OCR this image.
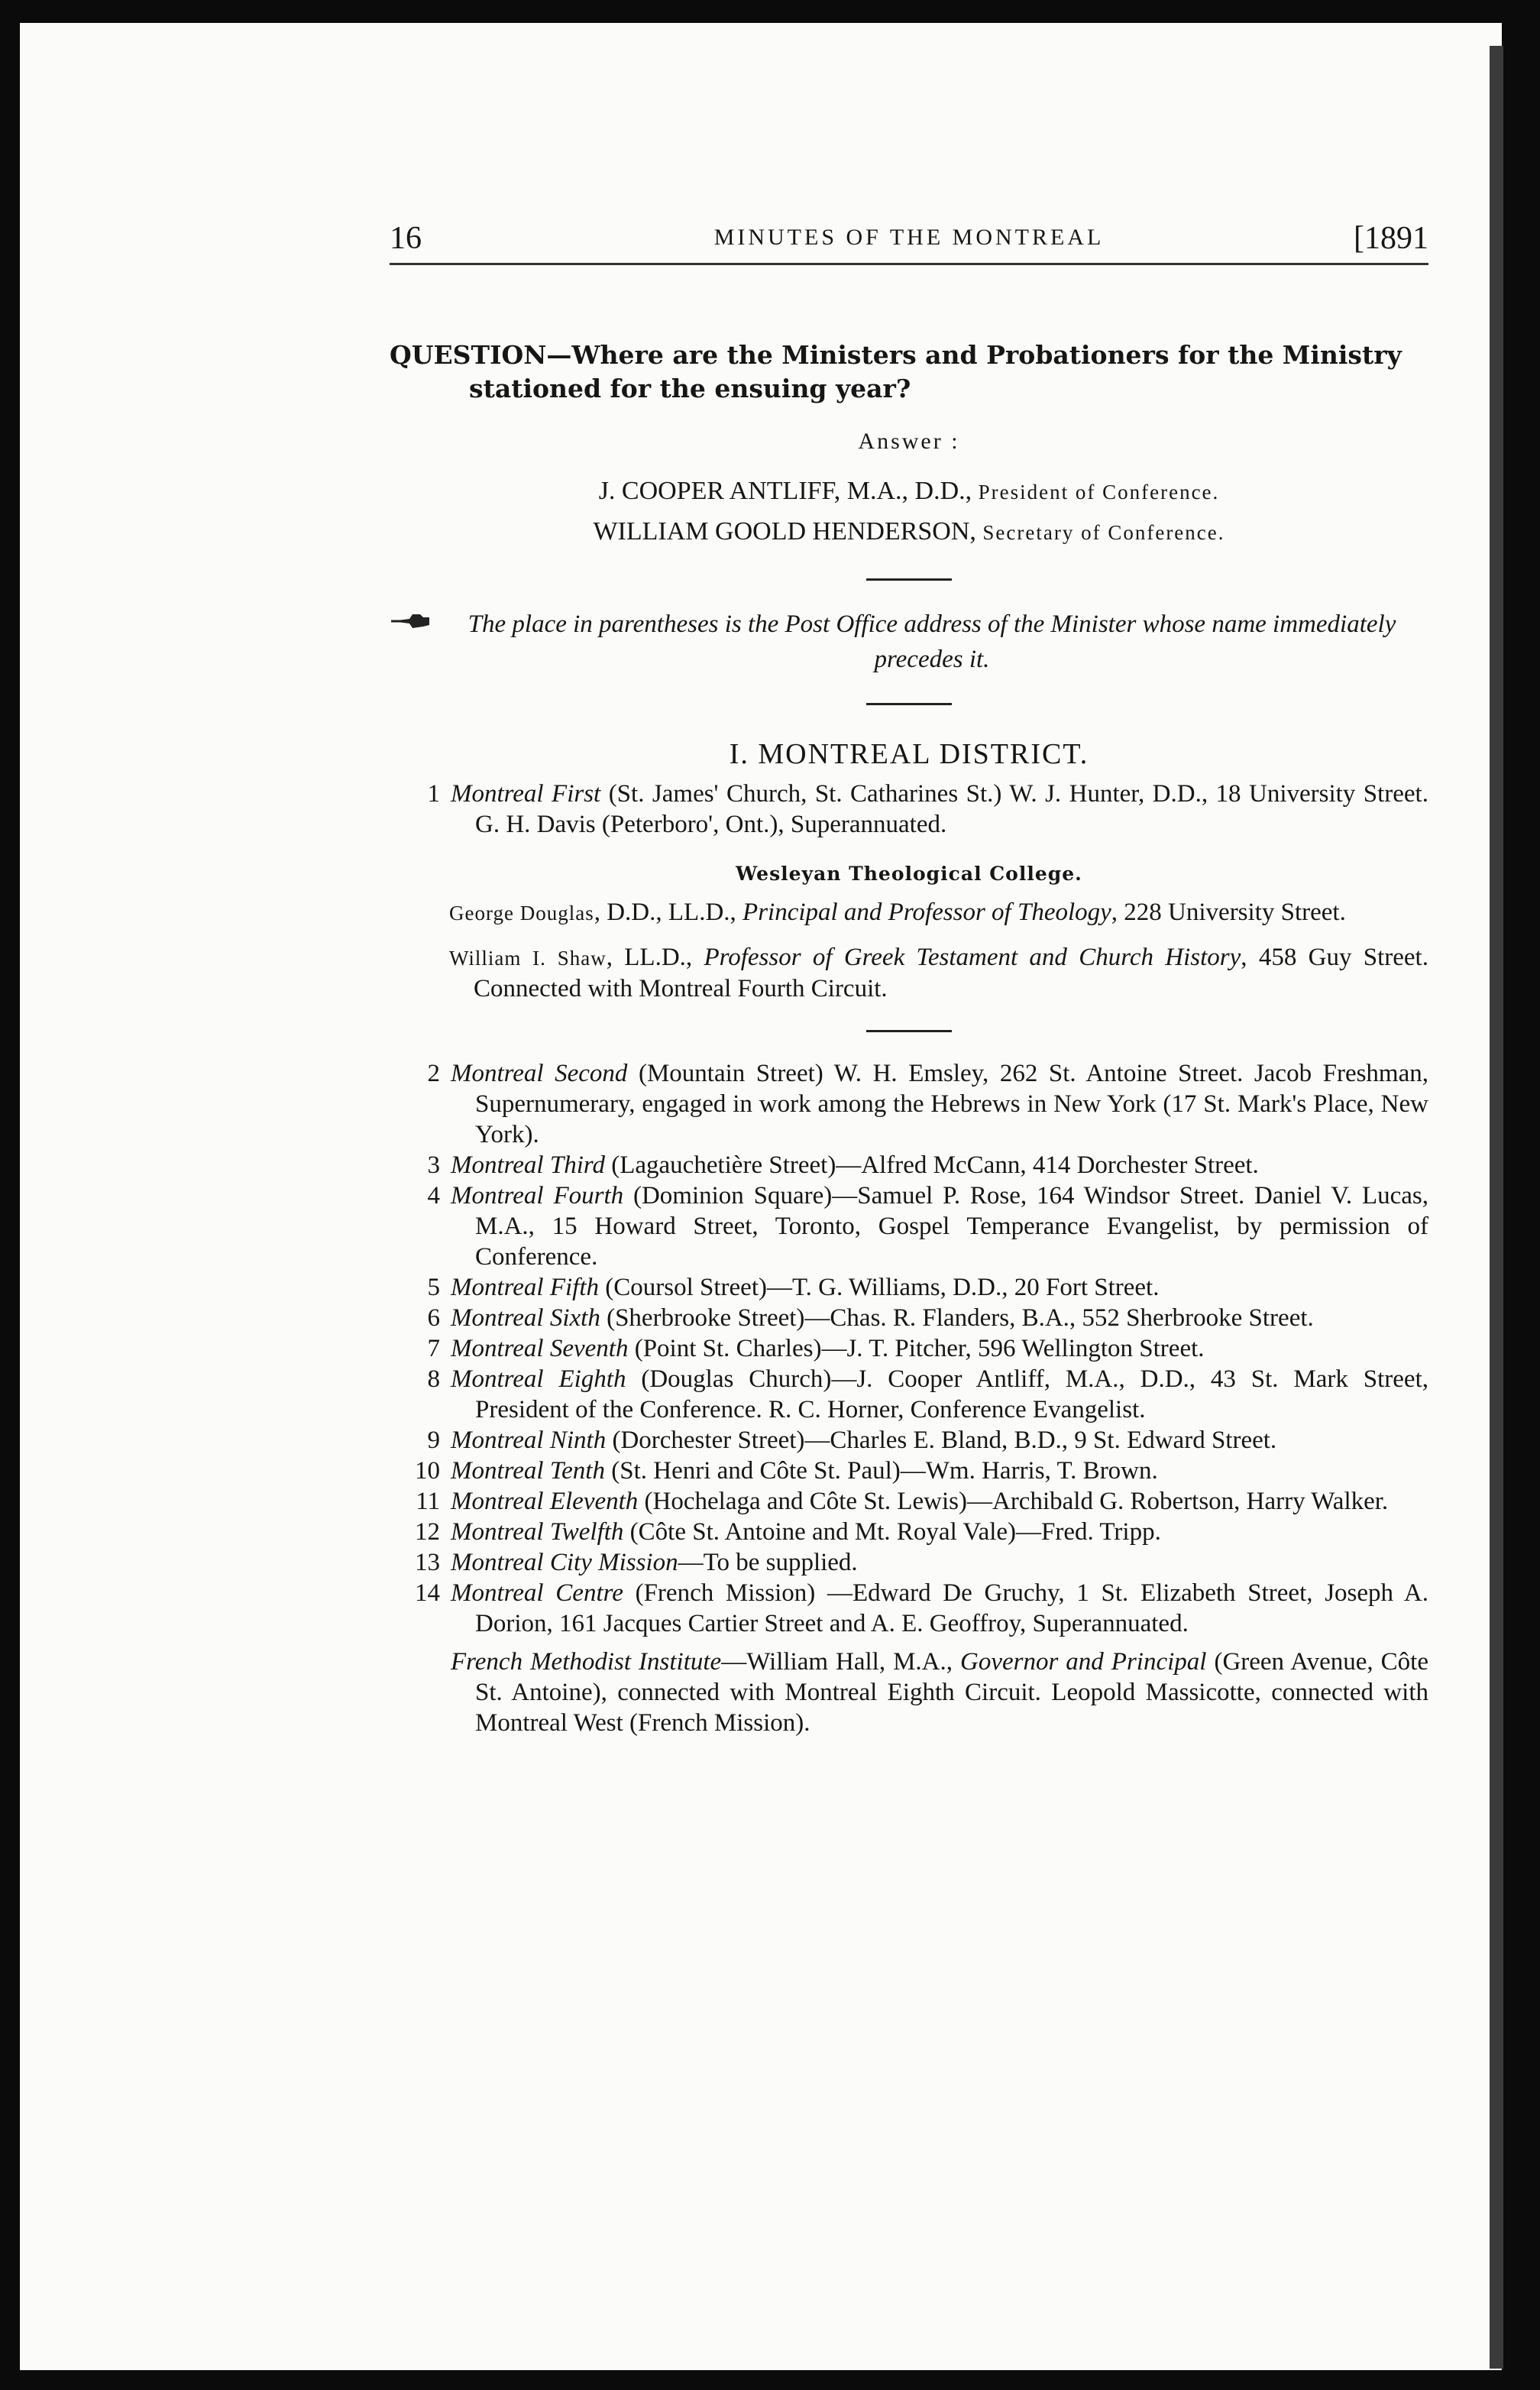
16	MINUTES OF THE MONTREAL	[1891
QUESTION—Where are the Ministers and Probationers for the Ministry stationed for the ensuing year?
Answer :
J. COOPER ANTLIFF, M.A., D.D., President of Conference.
WILLIAM GOOLD HENDERSON, Secretary of Conference.
The place in parentheses is the Post Office address of the Minister whose name immediately precedes it.
I. MONTREAL DISTRICT.
1 Montreal First (St. James' Church, St. Catharines St.) W. J. Hunter, D.D., 18 University Street. G. H. Davis (Peterboro', Ont.), Superannuated.
Wesleyan Theological College.
George Douglas, D.D., LL.D., Principal and Professor of Theology, 228 University Street.
William I. Shaw, LL.D., Professor of Greek Testament and Church History, 458 Guy Street. Connected with Montreal Fourth Circuit.
2 Montreal Second (Mountain Street) W. H. Emsley, 262 St. Antoine Street. Jacob Freshman, Supernumerary, engaged in work among the Hebrews in New York (17 St. Mark's Place, New York).
3 Montreal Third (Lagauchetière Street)—Alfred McCann, 414 Dorchester Street.
4 Montreal Fourth (Dominion Square)—Samuel P. Rose, 164 Windsor Street. Daniel V. Lucas, M.A., 15 Howard Street, Toronto, Gospel Temperance Evangelist, by permission of Conference.
5 Montreal Fifth (Coursol Street)—T. G. Williams, D.D., 20 Fort Street.
6 Montreal Sixth (Sherbrooke Street)—Chas. R. Flanders, B.A., 552 Sherbrooke Street.
7 Montreal Seventh (Point St. Charles)—J. T. Pitcher, 596 Wellington Street.
8 Montreal Eighth (Douglas Church)—J. Cooper Antliff, M.A., D.D., 43 St. Mark Street, President of the Conference. R. C. Horner, Conference Evangelist.
9 Montreal Ninth (Dorchester Street)—Charles E. Bland, B.D., 9 St. Edward Street.
10 Montreal Tenth (St. Henri and Côte St. Paul)—Wm. Harris, T. Brown.
11 Montreal Eleventh (Hochelaga and Côte St. Lewis)—Archibald G. Robertson, Harry Walker.
12 Montreal Twelfth (Côte St. Antoine and Mt. Royal Vale)—Fred. Tripp.
13 Montreal City Mission—To be supplied.
14 Montreal Centre (French Mission) —Edward De Gruchy, 1 St. Elizabeth Street, Joseph A. Dorion, 161 Jacques Cartier Street and A. E. Geoffroy, Superannuated.
French Methodist Institute—William Hall, M.A., Governor and Principal (Green Avenue, Côte St. Antoine), connected with Montreal Eighth Circuit. Leopold Massicotte, connected with Montreal West (French Mission).
